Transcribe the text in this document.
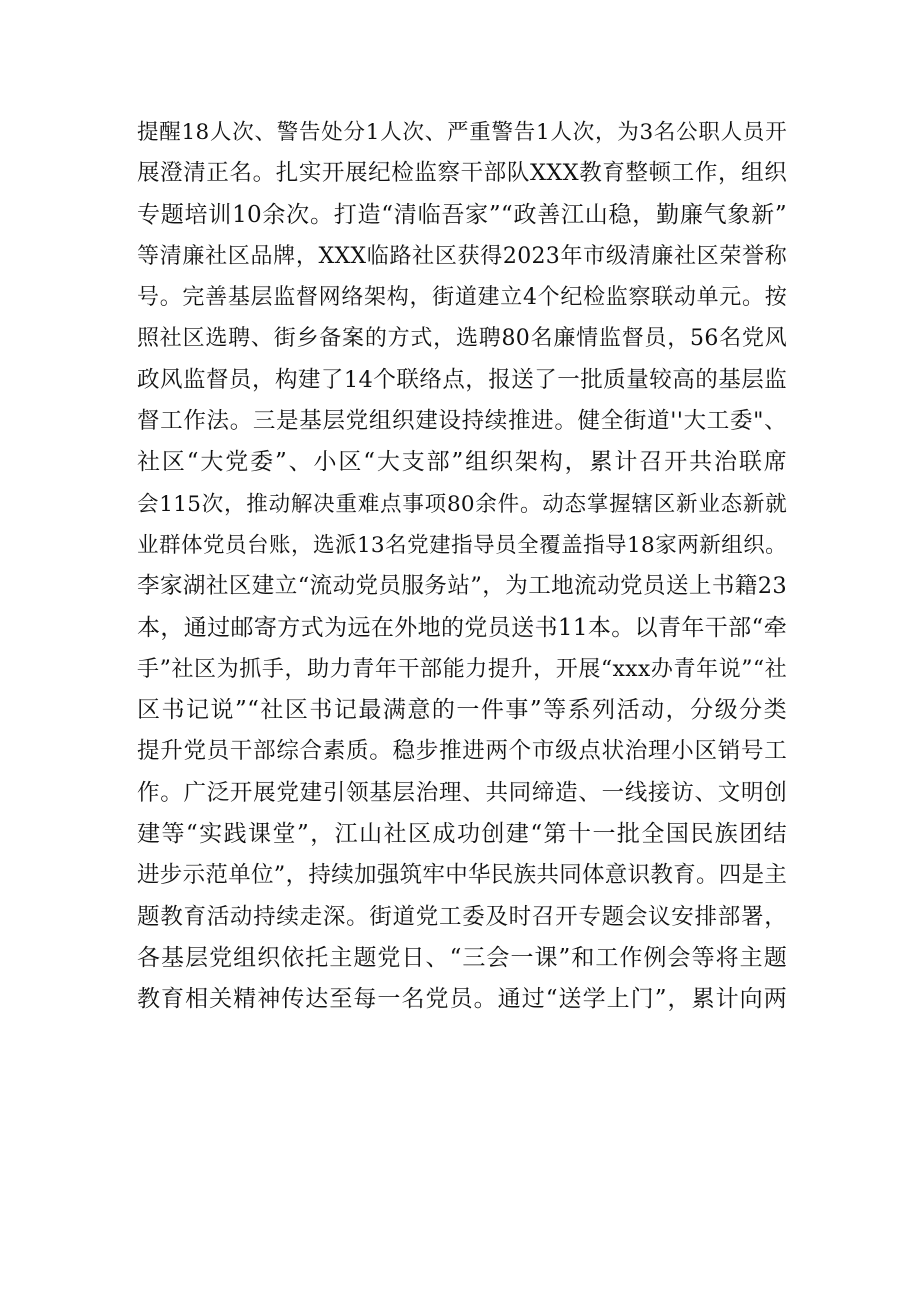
提醒18人次、警告处分1人次、严重警告1人次，为3名公职人员开
展澄清正名。扎实开展纪检监察干部队XXX教育整顿工作，组织
专题培训10余次。打造“清临吾家”“政善江山稳，勤廉气象新”
等清廉社区品牌，XXX临路社区获得2023年市级清廉社区荣誉称
号。完善基层监督网络架构，街道建立4个纪检监察联动单元。按
照社区选聘、街乡备案的方式，选聘80名廉情监督员，56名党风
政风监督员，构建了14个联络点，报送了一批质量较高的基层监
督工作法。三是基层党组织建设持续推进。健全街道''大工委"、
社区“大党委”、小区“大支部”组织架构，累计召开共治联席
会115次，推动解决重难点事项80余件。动态掌握辖区新业态新就
业群体党员台账，选派13名党建指导员全覆盖指导18家两新组织。
李家湖社区建立“流动党员服务站”，为工地流动党员送上书籍23
本，通过邮寄方式为远在外地的党员送书11本。以青年干部“牵
手”社区为抓手，助力青年干部能力提升，开展“xxx办青年说”“社
区书记说”“社区书记最满意的一件事”等系列活动，分级分类
提升党员干部综合素质。稳步推进两个市级点状治理小区销号工
作。广泛开展党建引领基层治理、共同缔造、一线接访、文明创
建等“实践课堂”，江山社区成功创建“第十一批全国民族团结
进步示范单位”，持续加强筑牢中华民族共同体意识教育。四是主
题教育活动持续走深。街道党工委及时召开专题会议安排部署，
各基层党组织依托主题党日、“三会一课”和工作例会等将主题
教育相关精神传达至每一名党员。通过“送学上门”，累计向两
